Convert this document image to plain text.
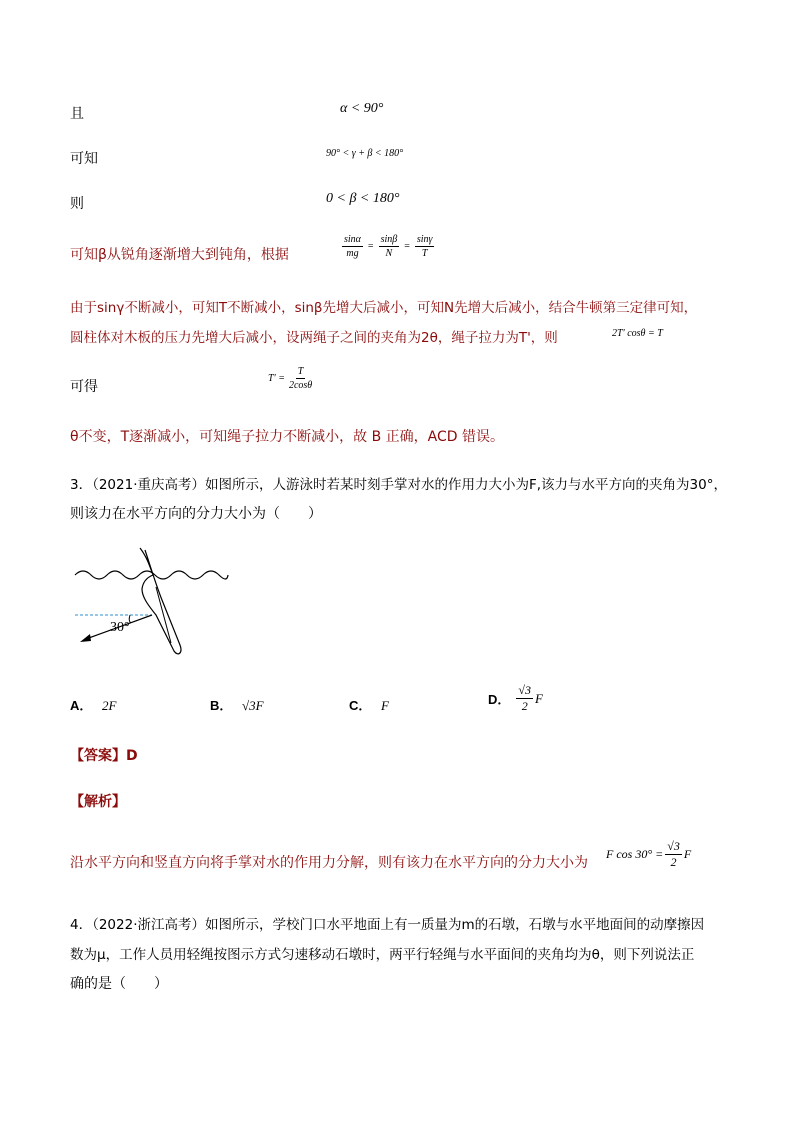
且	α < 90°
可知	90° < γ + β < 180°
则	0 < β < 180°
可知β从锐角逐渐增大到钝角，根据	$\frac{\sin\alpha}{mg} = \frac{\sin\beta}{N} = \frac{\sin\gamma}{T}$
由于sinγ不断减小，可知T不断减小，sinβ先增大后减小，可知N先增大后减小，结合牛顿第三定律可知，
圆柱体对木板的压力先增大后减小，设两绳子之间的夹角为2θ，绳子拉力为T'，则	2T' cosθ = T
可得
$T' = \frac{T}{2\cos\theta}$
θ不变，T逐渐减小，可知绳子拉力不断减小，故 B 正确，ACD 错误。
3．（2021·重庆高考）如图所示，人游泳时若某时刻手掌对水的作用力大小为F,该力与水平方向的夹角为30°，
则该力在水平方向的分力大小为（　　）
30°
A． 2F	B． √3F	C． F	D． $\frac{√3}{2}$ F
【答案】D
【解析】
沿水平方向和竖直方向将手掌对水的作用力分解，则有该力在水平方向的分力大小为
F $\cos 30^\circ = \frac{√3}{2}$ F
4．（2022·浙江高考）如图所示，学校门口水平地面上有一质量为m的石墩，石墩与水平地面间的动摩擦因
数为μ，工作人员用轻绳按图示方式匀速移动石墩时，两平行轻绳与水平面间的夹角均为θ，则下列说法正
确的是（　　）
